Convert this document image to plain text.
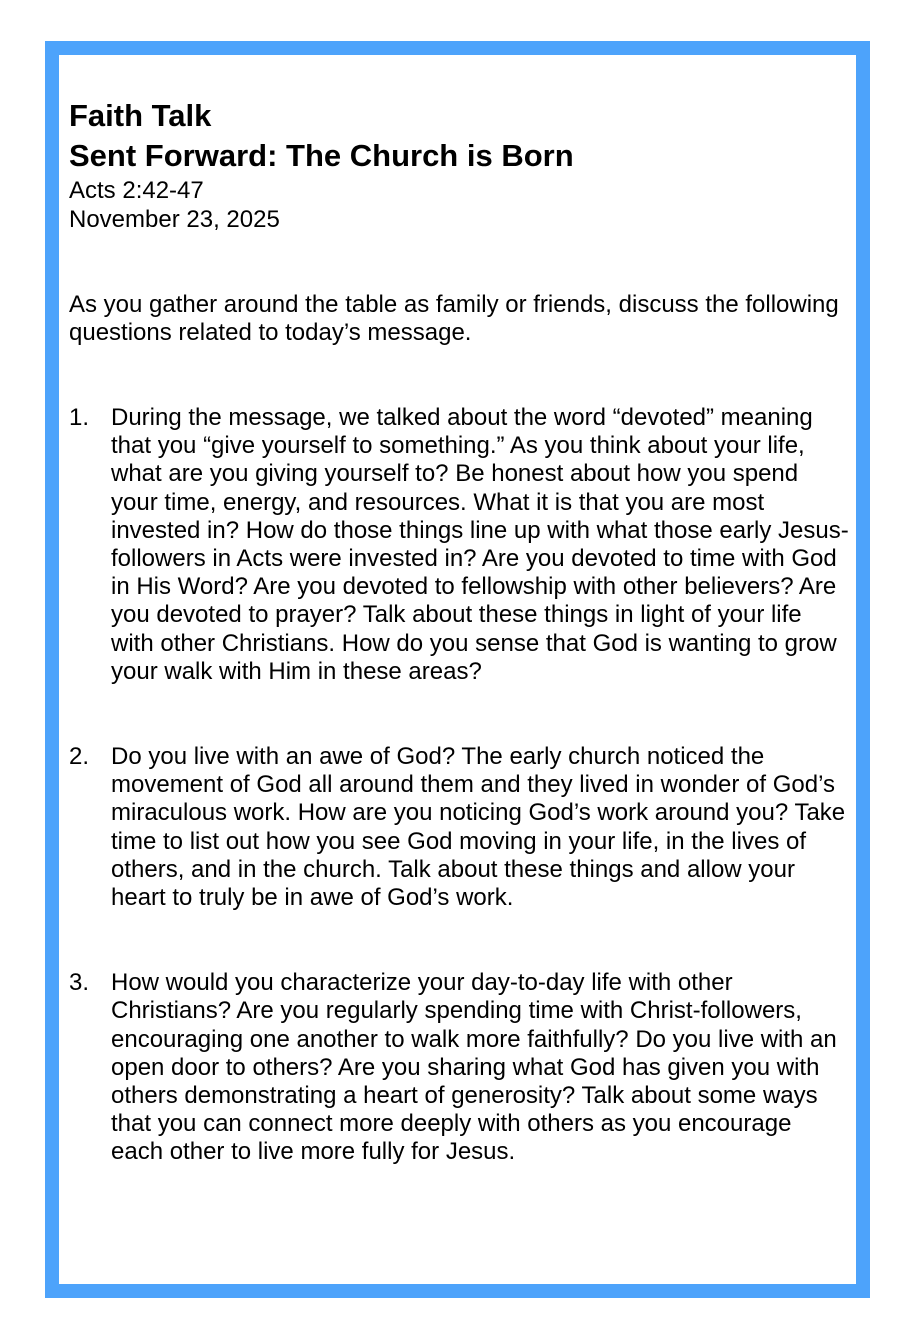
Faith Talk
Sent Forward: The Church is Born

Acts 2:42-47

November 23, 2025

As you gather around the table as family or friends, discuss the following questions related to today’s message.

1. During the message, we talked about the word “devoted” meaning that you “give yourself to something.” As you think about your life, what are you giving yourself to? Be honest about how you spend your time, energy, and resources. What it is that you are most invested in? How do those things line up with what those early Jesus-followers in Acts were invested in? Are you devoted to time with God in His Word? Are you devoted to fellowship with other believers? Are you devoted to prayer? Talk about these things in light of your life with other Christians. How do you sense that God is wanting to grow your walk with Him in these areas?
2. Do you live with an awe of God? The early church noticed the movement of God all around them and they lived in wonder of God’s miraculous work. How are you noticing God’s work around you? Take time to list out how you see God moving in your life, in the lives of others, and in the church. Talk about these things and allow your heart to truly be in awe of God’s work.
3. How would you characterize your day-to-day life with other Christians? Are you regularly spending time with Christ-followers, encouraging one another to walk more faithfully? Do you live with an open door to others? Are you sharing what God has given you with others demonstrating a heart of generosity? Talk about some ways that you can connect more deeply with others as you encourage each other to live more fully for Jesus.
